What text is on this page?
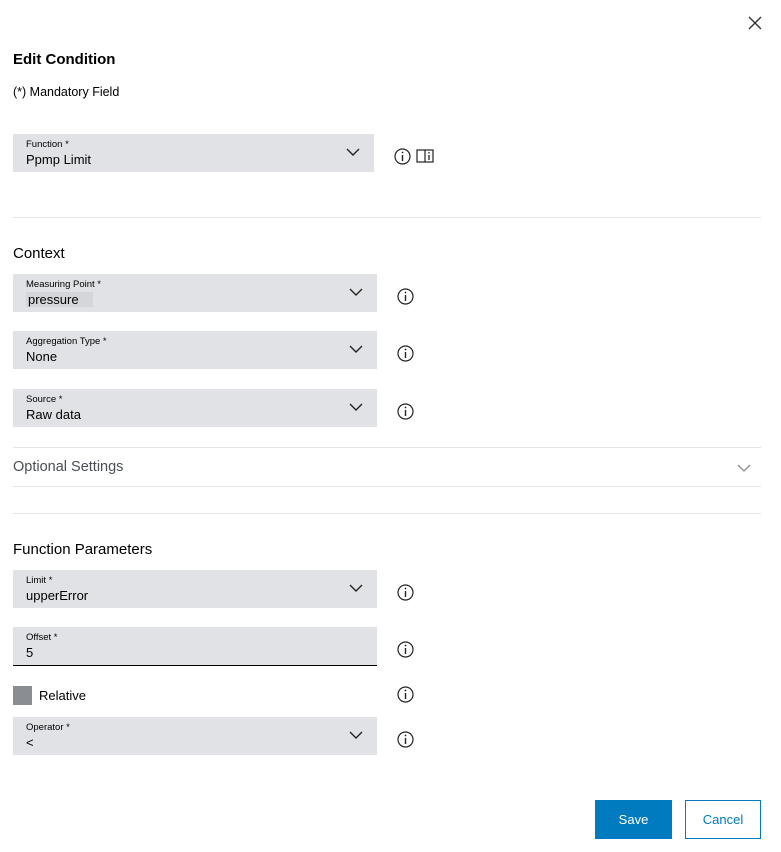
Edit Condition
(*) Mandatory Field
Function *
Ppmp Limit
Context
Measuring Point *
pressure
Aggregation Type *
None
Source *
Raw data
Optional Settings
Function Parameters
Limit *
upperError
Offset *
5
Relative
Operator *
<
Save	Cancel
